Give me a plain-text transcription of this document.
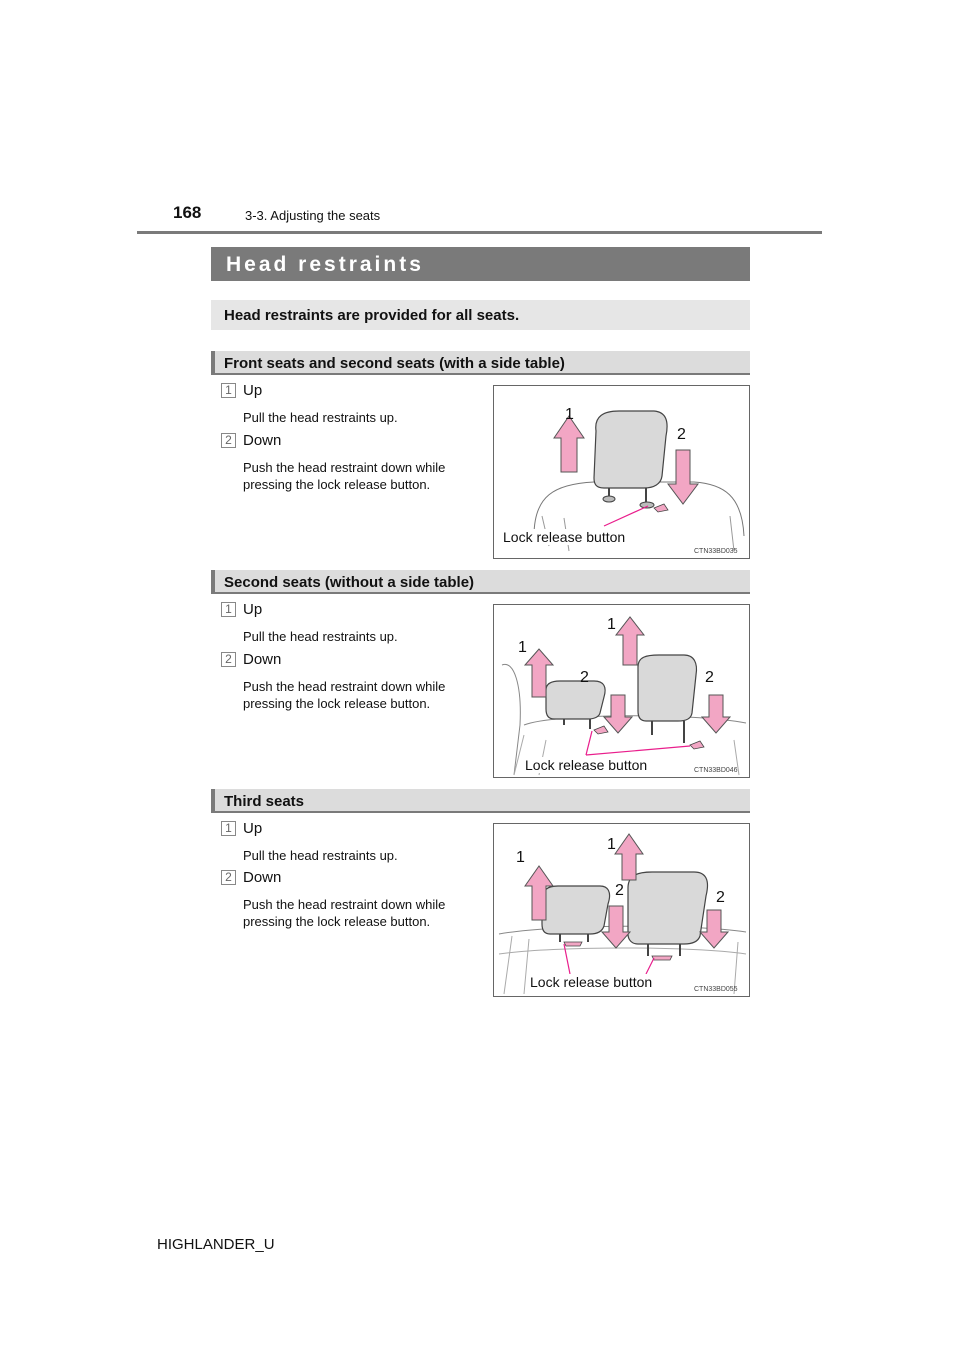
168	3-3. Adjusting the seats
Head restraints
Head restraints are provided for all seats.
Front seats and second seats (with a side table)
1 Up
Pull the head restraints up.
2 Down
Push the head restraint down while pressing the lock release button.
1
2
Lock release button
CTN33BD035
Second seats (without a side table)
1 Up
Pull the head restraints up.
2 Down
Push the head restraint down while pressing the lock release button.
1
1
2	2
Lock release button	CTN33BD046
Third seats
1 Up
Pull the head restraints up.
2 Down
Push the head restraint down while pressing the lock release button.
1
1
2	2
Lock release button	CTN33BD055
HIGHLANDER_U
